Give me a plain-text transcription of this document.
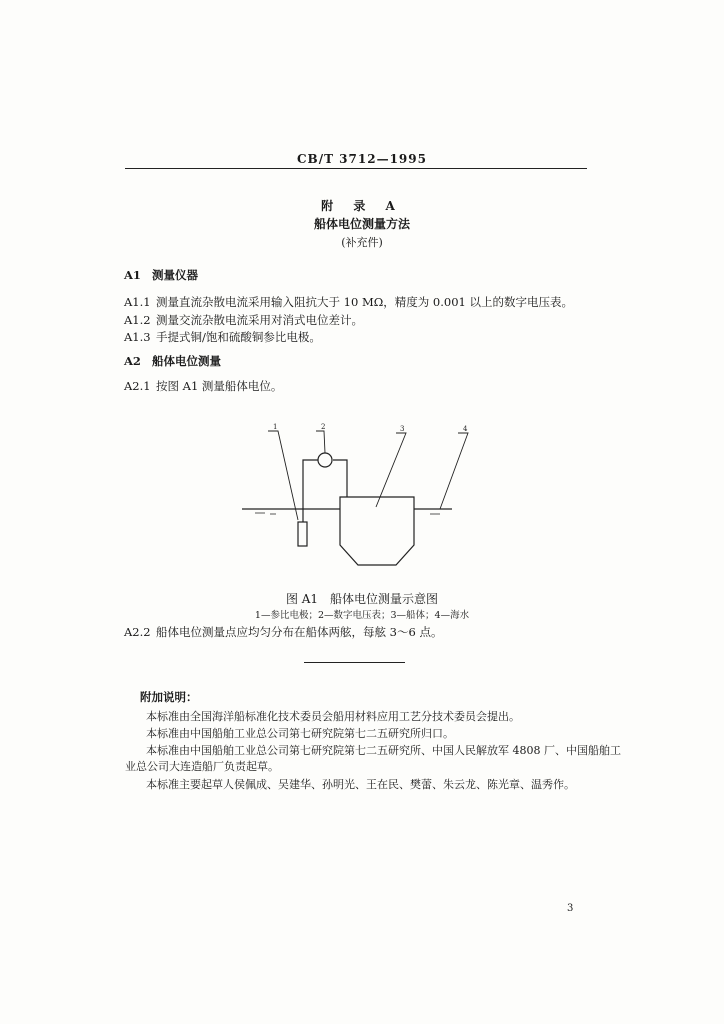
CB/T 3712—1995
附 录 A
船体电位测量方法
(补充件)
A1 测量仪器
A1.1 测量直流杂散电流采用输入阻抗大于 10 MΩ，精度为 0.001 以上的数字电压表。
A1.2 测量交流杂散电流采用对消式电位差计。
A1.3 手提式铜/饱和硫酸铜参比电极。
A2 船体电位测量
A2.1 按图 A1 测量船体电位。
1	2	3	4
图 A1　船体电位测量示意图
1—参比电极；2—数字电压表；3—船体；4—海水
A2.2 船体电位测量点应均匀分布在船体两舷，每舷 3～6 点。
附加说明：
本标准由全国海洋船标准化技术委员会船用材料应用工艺分技术委员会提出。
本标准由中国船舶工业总公司第七研究院第七二五研究所归口。
本标准由中国船舶工业总公司第七研究院第七二五研究所、中国人民解放军 4808 厂、中国船舶工
业总公司大连造船厂负责起草。
本标准主要起草人侯佩成、吴建华、孙明光、王在民、樊蕾、朱云龙、陈光章、温秀作。
3
